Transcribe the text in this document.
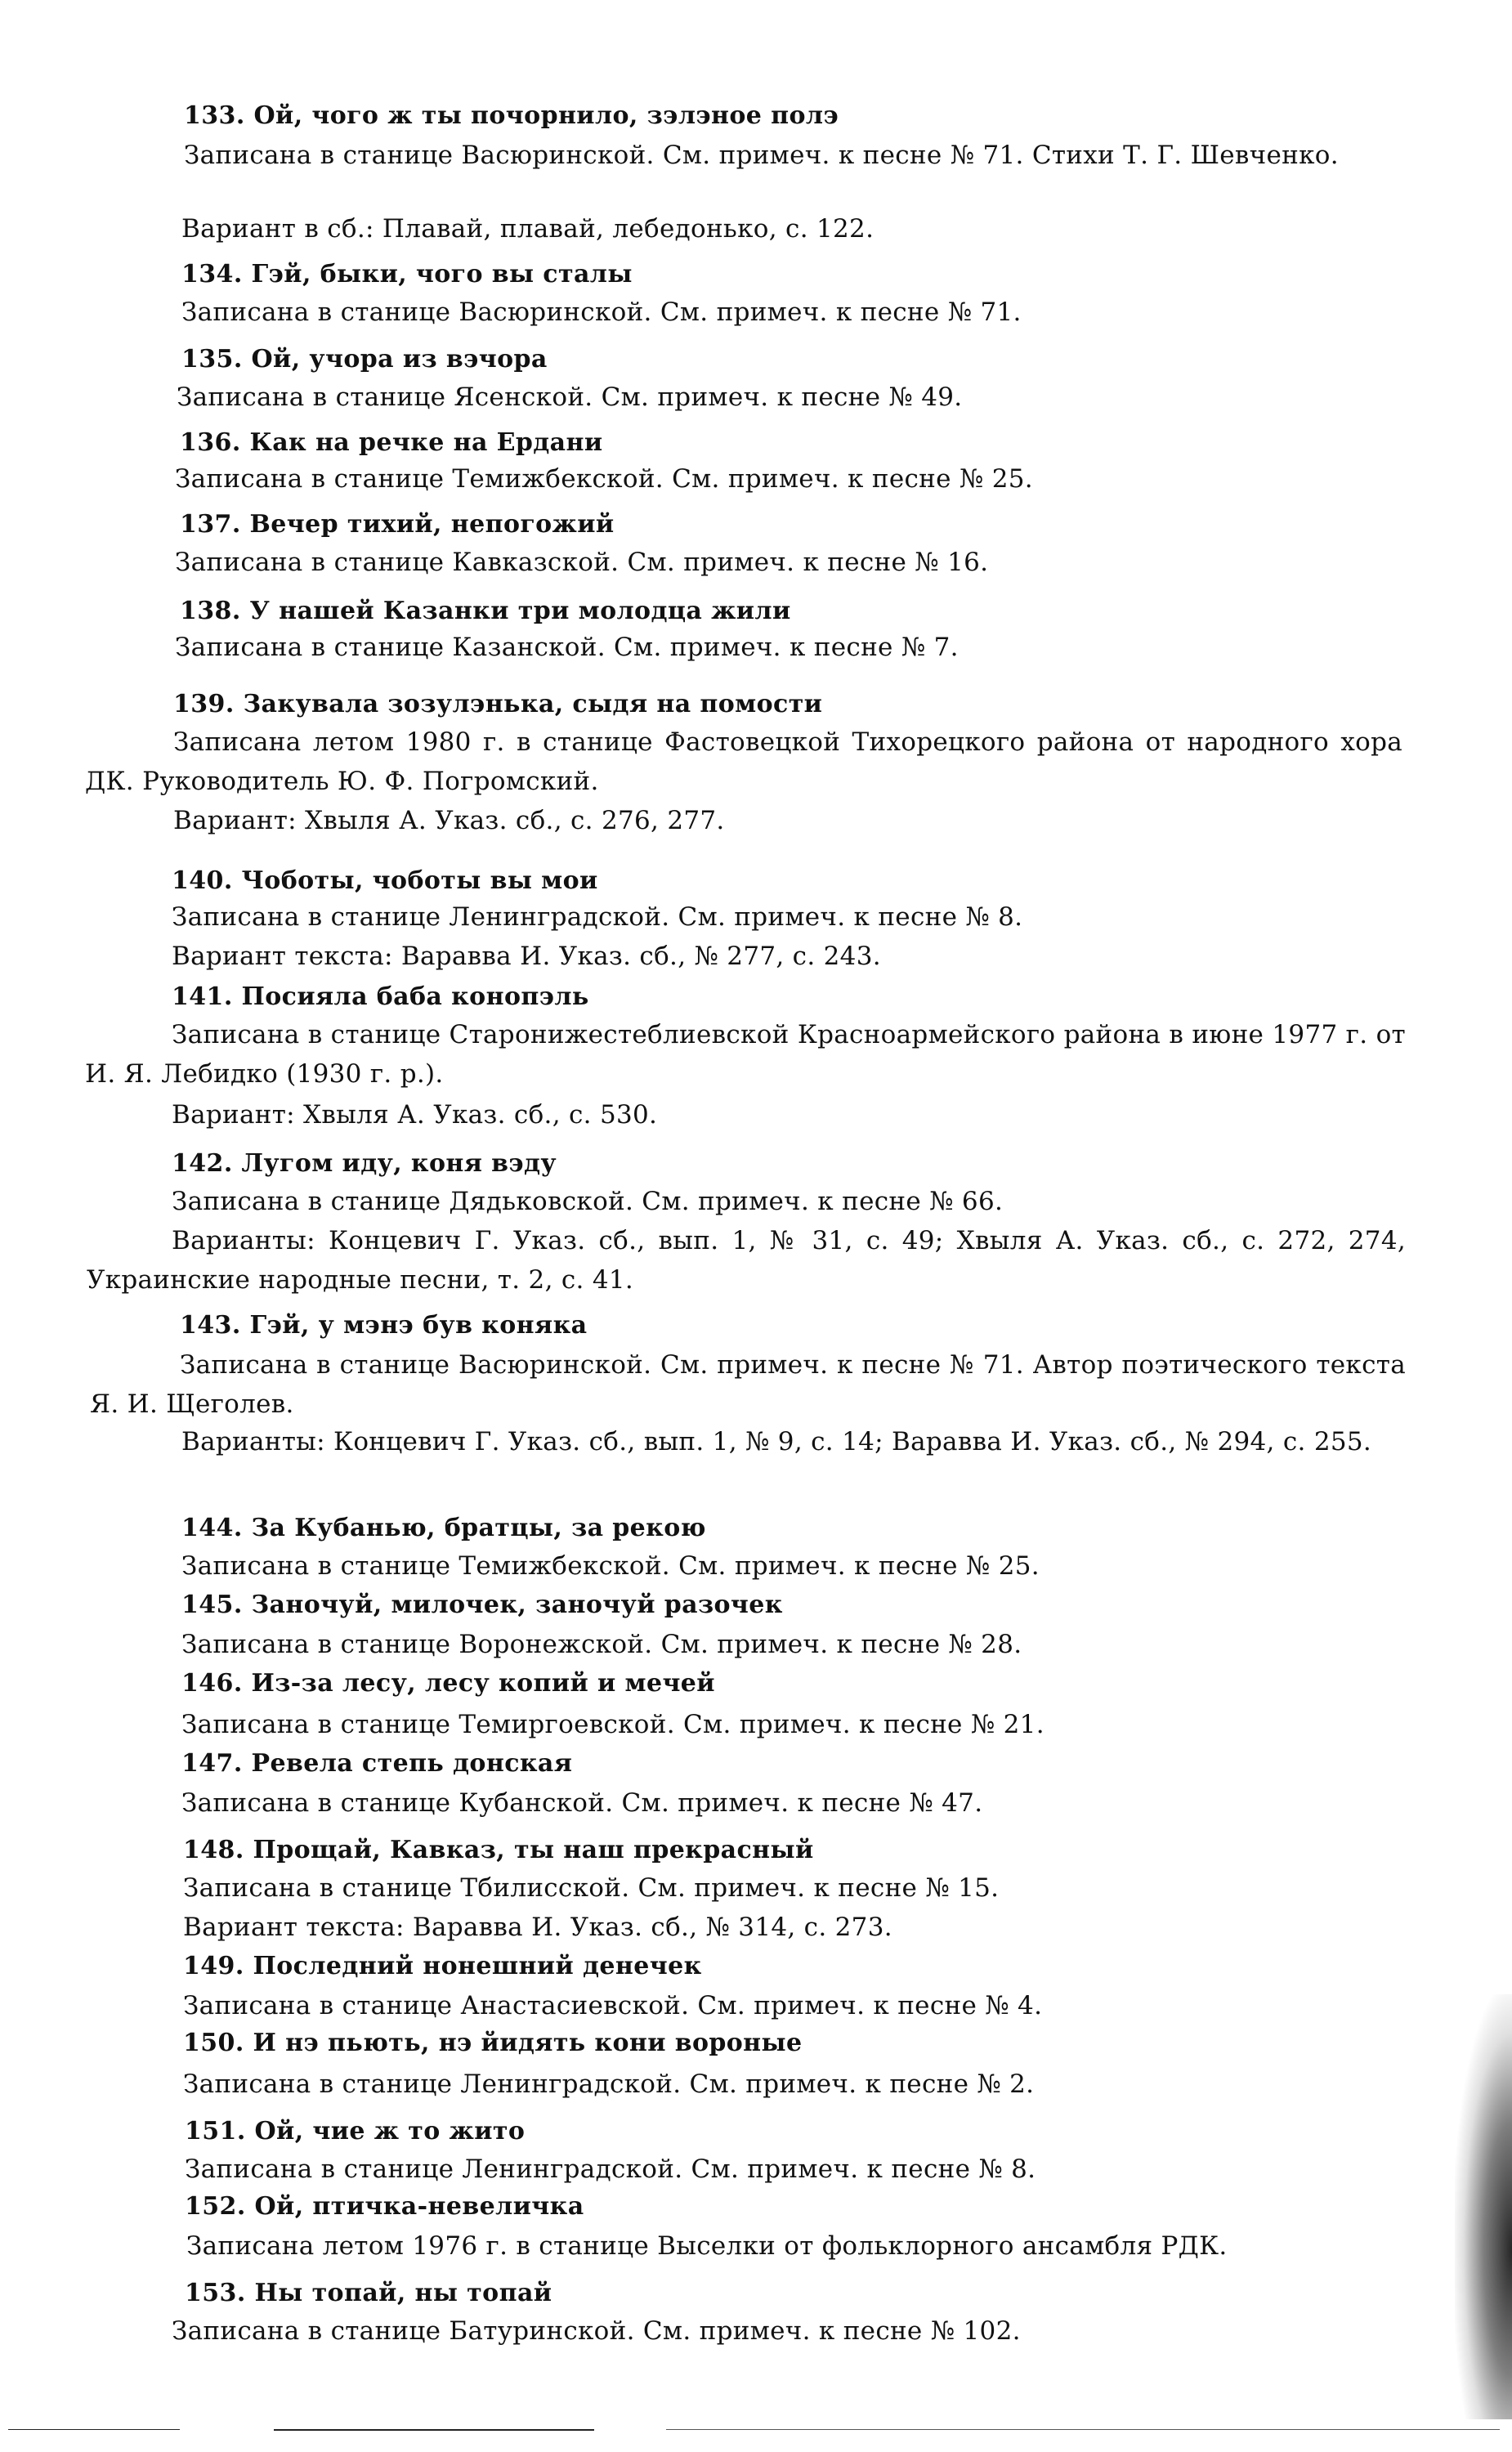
133. Ой, чого ж ты почорнило, зэлэное полэ
Записана в станице Васюринской. См. примеч. к песне № 71. Стихи Т. Г. Шевченко.
Вариант в сб.: Плавай, плавай, лебедонько, с. 122.
134. Гэй, быки, чого вы сталы
Записана в станице Васюринской. См. примеч. к песне № 71.
135. Ой, учора из вэчора
Записана в станице Ясенской. См. примеч. к песне № 49.
136. Как на речке на Ердани
Записана в станице Темижбекской. См. примеч. к песне № 25.
137. Вечер тихий, непогожий
Записана в станице Кавказской. См. примеч. к песне № 16.
138. У нашей Казанки три молодца жили
Записана в станице Казанской. См. примеч. к песне № 7.
139. Закувала зозулэнька, сыдя на помости
Записана летом 1980 г. в станице Фастовецкой Тихорецкого района от народного хора ДК. Руководитель Ю. Ф. Погромский.
Вариант: Хвыля А. Указ. сб., с. 276, 277.
140. Чоботы, чоботы вы мои
Записана в станице Ленинградской. См. примеч. к песне № 8.
Вариант текста: Варавва И. Указ. сб., № 277, с. 243.
141. Посияла баба конопэль
Записана в станице Старонижестеблиевской Красноармейского района в июне 1977 г. от И. Я. Лебидко (1930 г. р.).
Вариант: Хвыля А. Указ. сб., с. 530.
142. Лугом иду, коня вэду
Записана в станице Дядьковской. См. примеч. к песне № 66.
Варианты: Концевич Г. Указ. сб., вып. 1, № 31, с. 49; Хвыля А. Указ. сб., с. 272, 274, Украинские народные песни, т. 2, с. 41.
143. Гэй, у мэнэ був коняка
Записана в станице Васюринской. См. примеч. к песне № 71. Автор поэтического текста Я. И. Щеголев.
Варианты: Концевич Г. Указ. сб., вып. 1, № 9, с. 14; Варавва И. Указ. сб., № 294, с. 255.
144. За Кубанью, братцы, за рекою
Записана в станице Темижбекской. См. примеч. к песне № 25.
145. Заночуй, милочек, заночуй разочек
Записана в станице Воронежской. См. примеч. к песне № 28.
146. Из-за лесу, лесу копий и мечей
Записана в станице Темиргоевской. См. примеч. к песне № 21.
147. Ревела степь донская
Записана в станице Кубанской. См. примеч. к песне № 47.
148. Прощай, Кавказ, ты наш прекрасный
Записана в станице Тбилисской. См. примеч. к песне № 15.
Вариант текста: Варавва И. Указ. сб., № 314, с. 273.
149. Последний нонешний денечек
Записана в станице Анастасиевской. См. примеч. к песне № 4.
150. И нэ пьють, нэ йидять кони вороные
Записана в станице Ленинградской. См. примеч. к песне № 2.
151. Ой, чие ж то жито
Записана в станице Ленинградской. См. примеч. к песне № 8.
152. Ой, птичка-невеличка
Записана летом 1976 г. в станице Выселки от фольклорного ансамбля РДК.
153. Ны топай, ны топай
Записана в станице Батуринской. См. примеч. к песне № 102.
